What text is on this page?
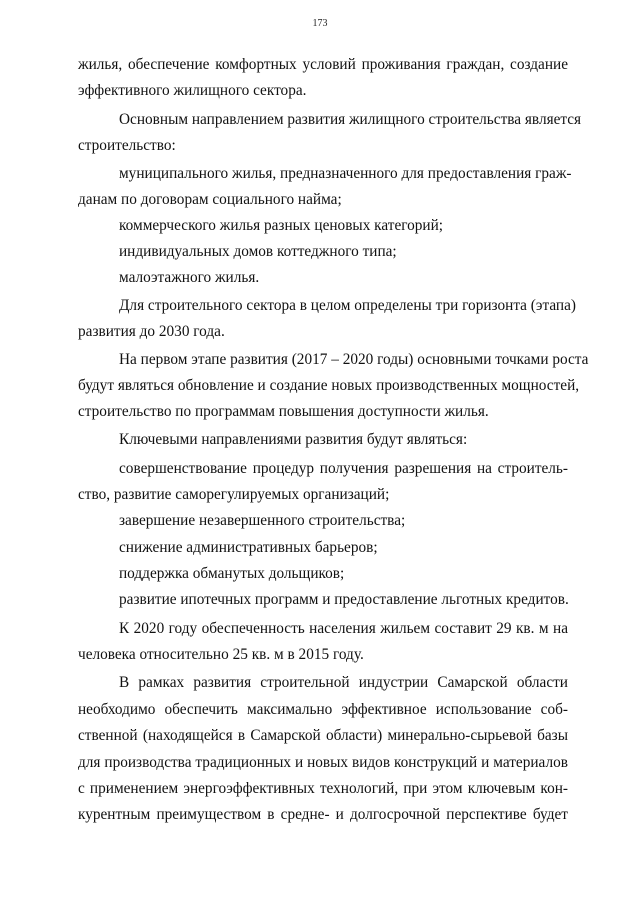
173
жилья, обеспечение комфортных условий проживания граждан, создание
эффективного жилищного сектора.
Основным направлением развития жилищного строительства является
строительство:
муниципального жилья, предназначенного для предоставления граж-
данам по договорам социального найма;
коммерческого жилья разных ценовых категорий;
индивидуальных домов коттеджного типа;
малоэтажного жилья.
Для строительного сектора в целом определены три горизонта (этапа)
развития до 2030 года.
На первом этапе развития (2017 – 2020 годы) основными точками роста
будут являться обновление и создание новых производственных мощностей,
строительство по программам повышения доступности жилья.
Ключевыми направлениями развития будут являться:
совершенствование процедур получения разрешения на строитель-
ство, развитие саморегулируемых организаций;
завершение незавершенного строительства;
снижение административных барьеров;
поддержка обманутых дольщиков;
развитие ипотечных программ и предоставление льготных кредитов.
К 2020 году обеспеченность населения жильем составит 29 кв. м на
человека относительно 25 кв. м в 2015 году.
В рамках развития строительной индустрии Самарской области
необходимо обеспечить максимально эффективное использование соб-
ственной (находящейся в Самарской области) минерально-сырьевой базы
для производства традиционных и новых видов конструкций и материалов
с применением энергоэффективных технологий, при этом ключевым кон-
курентным преимуществом в средне- и долгосрочной перспективе будет
